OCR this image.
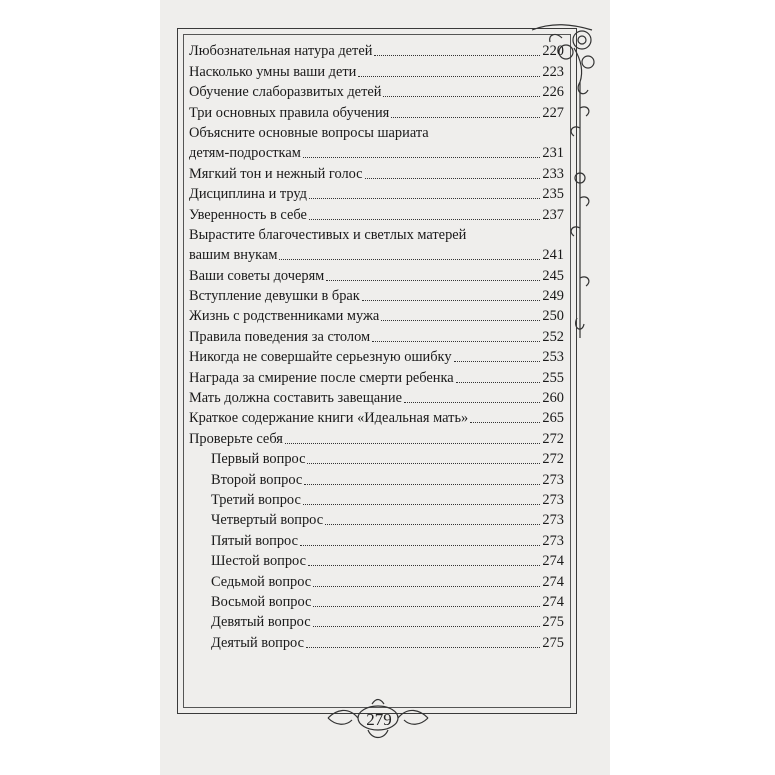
279
Любознательная натура детей	220
Насколько умны ваши дети	223
Обучение слаборазвитых детей	226
Три основных правила обучения	227
Объясните основные вопросы шариата
детям-подросткам	231
Мягкий тон и нежный голос	233
Дисциплина и труд	235
Уверенность в себе	237
Вырастите благочестивых и светлых матерей
вашим внукам	241
Ваши советы дочерям	245
Вступление девушки в брак	249
Жизнь с родственниками мужа	250
Правила поведения за столом	252
Никогда не совершайте серьезную ошибку	253
Награда за смирение после смерти ребенка	255
Мать должна составить завещание	260
Краткое содержание книги «Идеальная мать»	265
Проверьте себя	272
Первый вопрос	272
Второй вопрос	273
Третий вопрос	273
Четвертый вопрос	273
Пятый вопрос	273
Шестой вопрос	274
Седьмой вопрос	274
Восьмой вопрос	274
Девятый вопрос	275
Деятый вопрос	275
